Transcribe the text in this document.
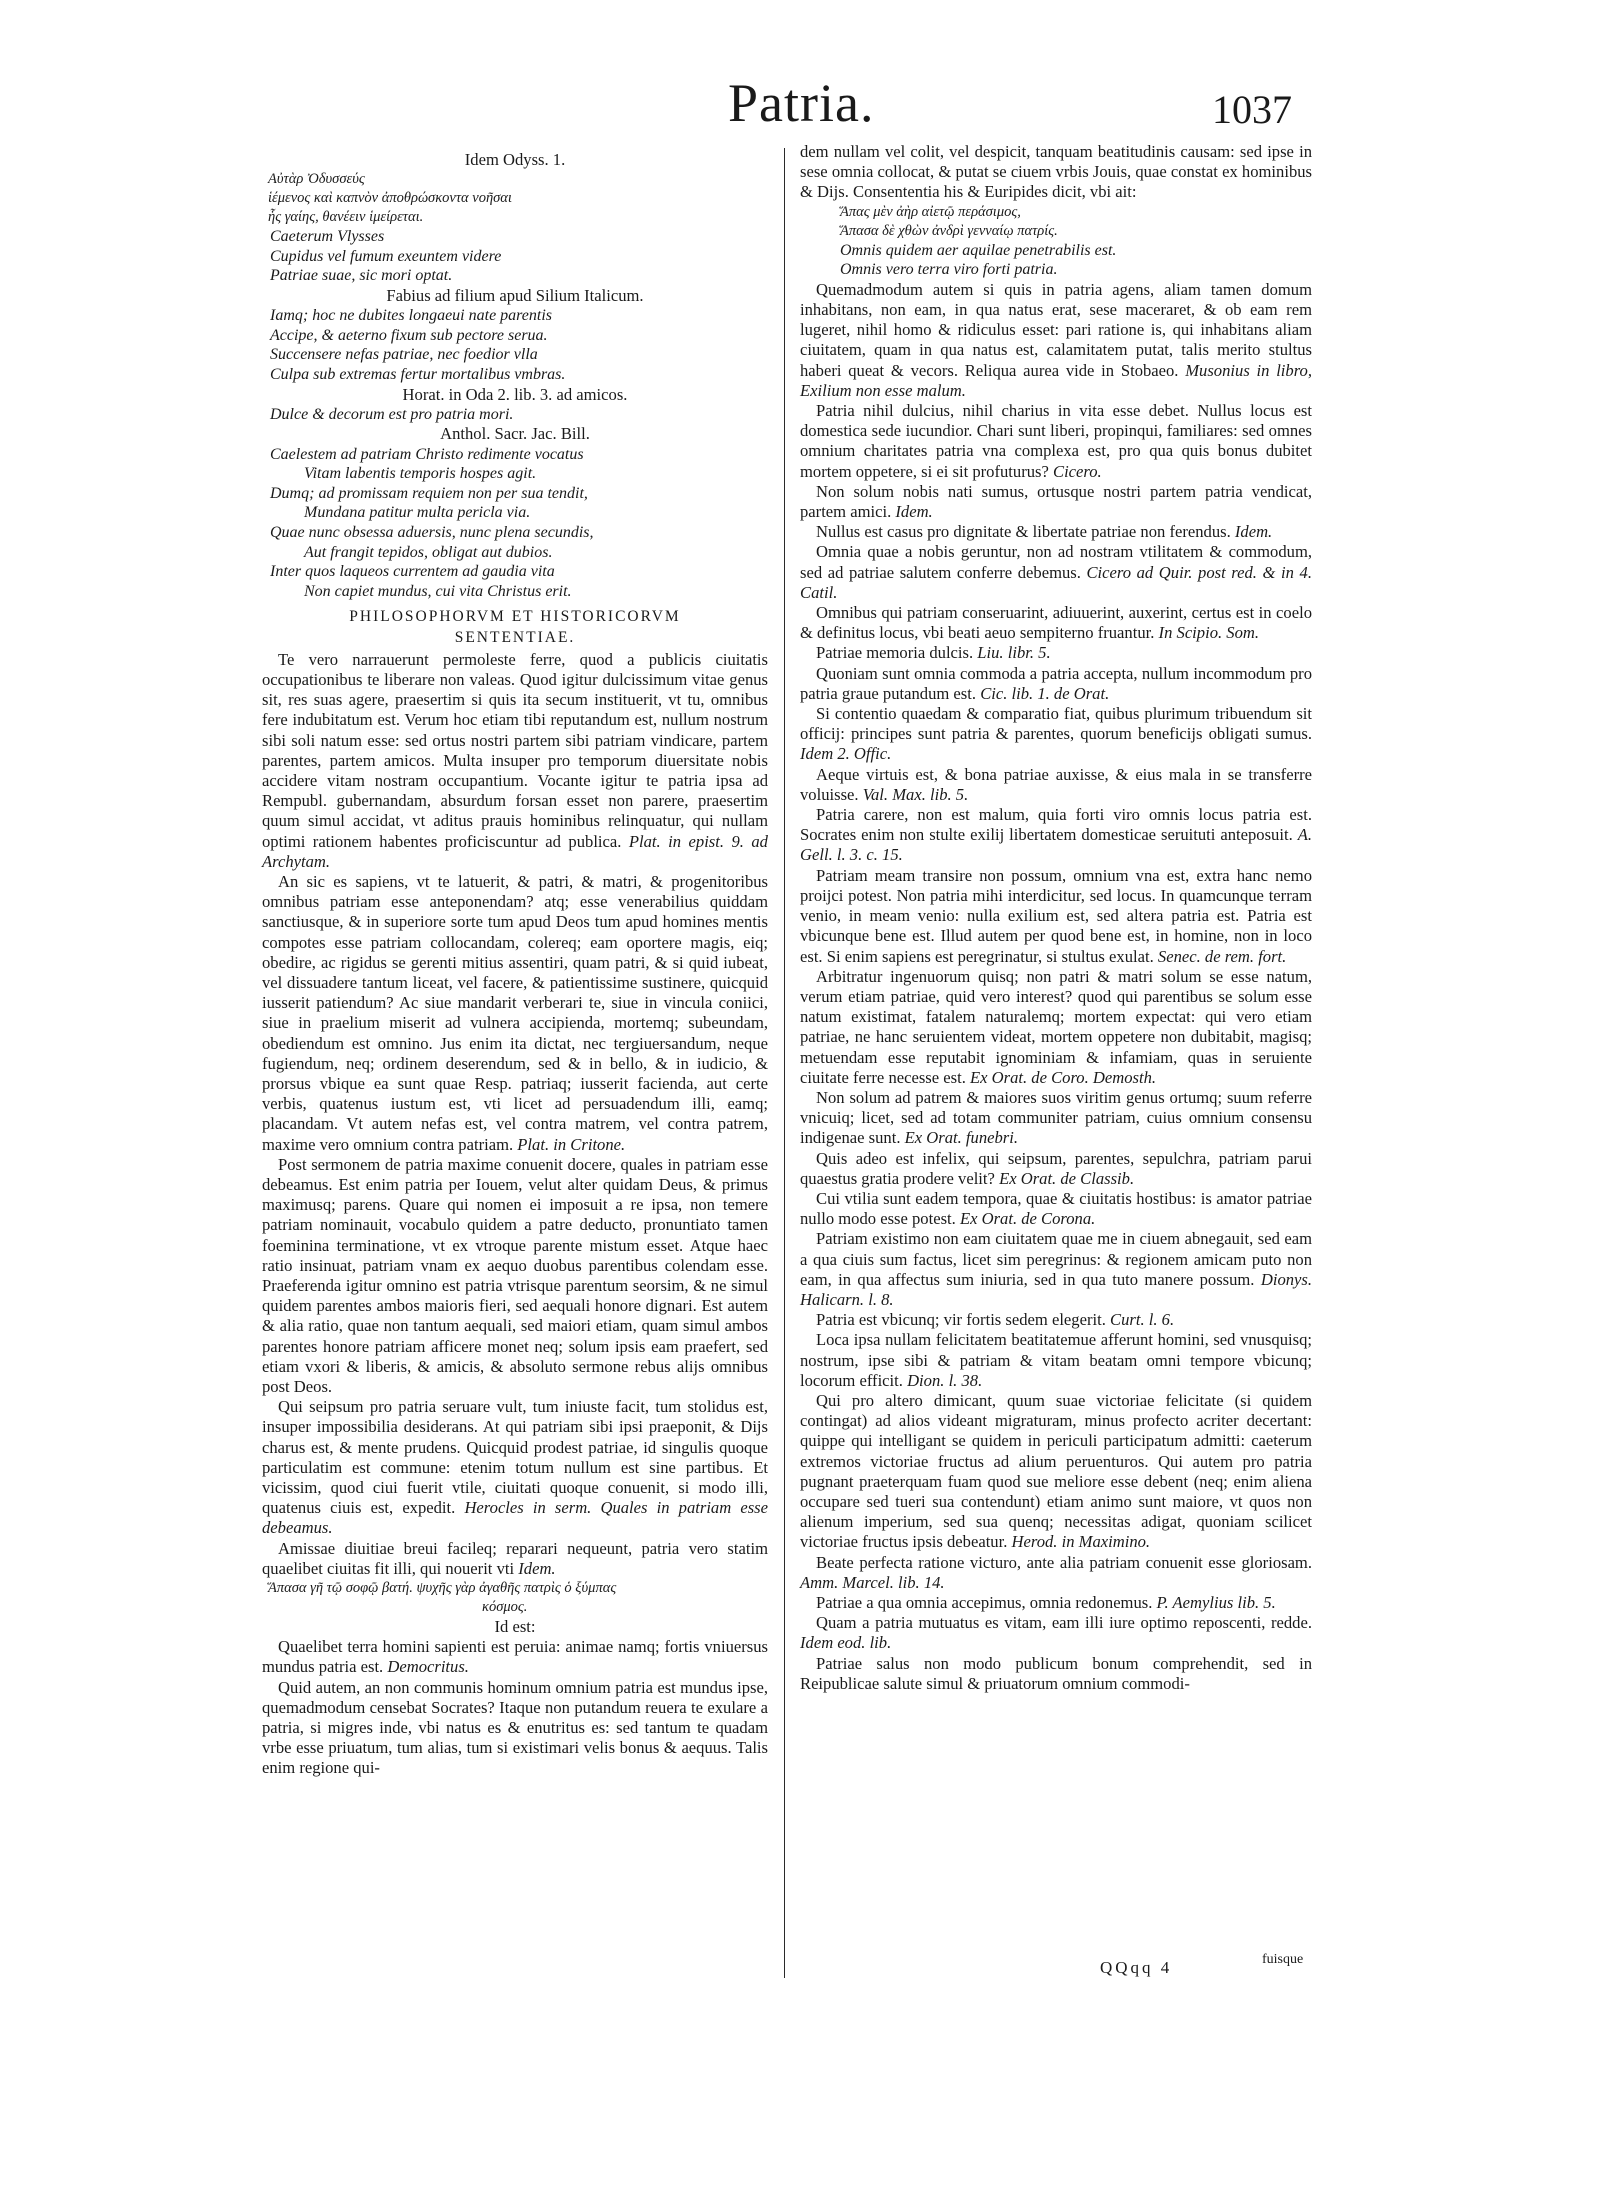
Patria.	1037

Idem Odyss. 1.

Αὐτὰρ Ὀδυσσεύς

ἱέμενος καὶ καπνὸν ἀποθρώσκοντα νοῆσαι

ἧς γαίης, θανέειν ἱμείρεται.

Caeterum Vlysses

Cupidus vel fumum exeuntem videre

Patriae suae, sic mori optat.

Fabius ad filium apud Silium Italicum.

Iamq; hoc ne dubites longaeui nate parentis

Accipe, & aeterno fixum sub pectore serua.

Succensere nefas patriae, nec foedior vlla

Culpa sub extremas fertur mortalibus vmbras.

Horat. in Oda 2. lib. 3. ad amicos.

Dulce & decorum est pro patria mori.

Anthol. Sacr. Jac. Bill.

Caelestem ad patriam Christo redimente vocatus

Vitam labentis temporis hospes agit.

Dumq; ad promissam requiem non per sua tendit,

Mundana patitur multa pericla via.

Quae nunc obsessa aduersis, nunc plena secundis,

Aut frangit tepidos, obligat aut dubios.

Inter quos laqueos currentem ad gaudia vita

Non capiet mundus, cui vita Christus erit.

PHILOSOPHORVM ET HISTORICORVM
SENTENTIAE.

Te vero narrauerunt permoleste ferre, quod a publicis ciuitatis occupationibus te liberare non valeas. Quod igitur dulcissimum vitae genus sit, res suas agere, praesertim si quis ita secum instituerit, vt tu, omnibus fere indubitatum est. Verum hoc etiam tibi reputandum est, nullum nostrum sibi soli natum esse: sed ortus nostri partem sibi patriam vindicare, partem parentes, partem amicos. Multa insuper pro temporum diuersitate nobis accidere vitam nostram occupantium. Vocante igitur te patria ipsa ad Rempubl. gubernandam, absurdum forsan esset non parere, praesertim quum simul accidat, vt aditus prauis hominibus relinquatur, qui nullam optimi rationem habentes proficiscuntur ad publica. Plat. in epist. 9. ad Archytam.

An sic es sapiens, vt te latuerit, & patri, & matri, & progenitoribus omnibus patriam esse anteponendam? atq; esse venerabilius quiddam sanctiusque, & in superiore sorte tum apud Deos tum apud homines mentis compotes esse patriam collocandam, colereq; eam oportere magis, eiq; obedire, ac rigidus se gerenti mitius assentiri, quam patri, & si quid iubeat, vel dissuadere tantum liceat, vel facere, & patientissime sustinere, quicquid iusserit patiendum? Ac siue mandarit verberari te, siue in vincula coniici, siue in praelium miserit ad vulnera accipienda, mortemq; subeundam, obediendum est omnino. Jus enim ita dictat, nec tergiuersandum, neque fugiendum, neq; ordinem deserendum, sed & in bello, & in iudicio, & prorsus vbique ea sunt quae Resp. patriaq; iusserit facienda, aut certe verbis, quatenus iustum est, vti licet ad persuadendum illi, eamq; placandam. Vt autem nefas est, vel contra matrem, vel contra patrem, maxime vero omnium contra patriam. Plat. in Critone.

Post sermonem de patria maxime conuenit docere, quales in patriam esse debeamus. Est enim patria per Iouem, velut alter quidam Deus, & primus maximusq; parens. Quare qui nomen ei imposuit a re ipsa, non temere patriam nominauit, vocabulo quidem a patre deducto, pronuntiato tamen foeminina terminatione, vt ex vtroque parente mistum esset. Atque haec ratio insinuat, patriam vnam ex aequo duobus parentibus colendam esse. Praeferenda igitur omnino est patria vtrisque parentum seorsim, & ne simul quidem parentes ambos maioris fieri, sed aequali honore dignari. Est autem & alia ratio, quae non tantum aequali, sed maiori etiam, quam simul ambos parentes honore patriam afficere monet neq; solum ipsis eam praefert, sed etiam vxori & liberis, & amicis, & absoluto sermone rebus alijs omnibus post Deos.

Qui seipsum pro patria seruare vult, tum iniuste facit, tum stolidus est, insuper impossibilia desiderans. At qui patriam sibi ipsi praeponit, & Dijs charus est, & mente prudens. Quicquid prodest patriae, id singulis quoque particulatim est commune: etenim totum nullum est sine partibus. Et vicissim, quod ciui fuerit vtile, ciuitati quoque conuenit, si modo illi, quatenus ciuis est, expedit. Herocles in serm. Quales in patriam esse debeamus.

Amissae diuitiae breui facileq; reparari nequeunt, patria vero statim quaelibet ciuitas fit illi, qui nouerit vti Idem.

Ἅπασα γῆ τῷ σοφῷ βατή. ψυχῆς γὰρ ἀγαθῆς πατρὶς ὁ ξύμπας

κόσμος.

Id est:

Quaelibet terra homini sapienti est peruia: animae namq; fortis vniuersus mundus patria est. Democritus.

Quid autem, an non communis hominum omnium patria est mundus ipse, quemadmodum censebat Socrates? Itaque non putandum reuera te exulare a patria, si migres inde, vbi natus es & enutritus es: sed tantum te quadam vrbe esse priuatum, tum alias, tum si existimari velis bonus & aequus. Talis enim regione qui-

dem nullam vel colit, vel despicit, tanquam beatitudinis causam: sed ipse in sese omnia collocat, & putat se ciuem vrbis Jouis, quae constat ex hominibus & Dijs. Consententia his & Euripides dicit, vbi ait:

Ἅπας μὲν ἀὴρ αἰετῷ περάσιμος,

Ἅπασα δὲ χθὼν ἀνδρὶ γενναίῳ πατρίς.

Omnis quidem aer aquilae penetrabilis est.

Omnis vero terra viro forti patria.

Quemadmodum autem si quis in patria agens, aliam tamen domum inhabitans, non eam, in qua natus erat, sese maceraret, & ob eam rem lugeret, nihil homo & ridiculus esset: pari ratione is, qui inhabitans aliam ciuitatem, quam in qua natus est, calamitatem putat, talis merito stultus haberi queat & vecors. Reliqua aurea vide in Stobaeo. Musonius in libro, Exilium non esse malum.

Patria nihil dulcius, nihil charius in vita esse debet. Nullus locus est domestica sede iucundior. Chari sunt liberi, propinqui, familiares: sed omnes omnium charitates patria vna complexa est, pro qua quis bonus dubitet mortem oppetere, si ei sit profuturus? Cicero.

Non solum nobis nati sumus, ortusque nostri partem patria vendicat, partem amici. Idem.

Nullus est casus pro dignitate & libertate patriae non ferendus. Idem.

Omnia quae a nobis geruntur, non ad nostram vtilitatem & commodum, sed ad patriae salutem conferre debemus. Cicero ad Quir. post red. & in 4. Catil.

Omnibus qui patriam conseruarint, adiuuerint, auxerint, certus est in coelo & definitus locus, vbi beati aeuo sempiterno fruantur. In Scipio. Som.

Patriae memoria dulcis. Liu. libr. 5.

Quoniam sunt omnia commoda a patria accepta, nullum incommodum pro patria graue putandum est. Cic. lib. 1. de Orat.

Si contentio quaedam & comparatio fiat, quibus plurimum tribuendum sit officij: principes sunt patria & parentes, quorum beneficijs obligati sumus. Idem 2. Offic.

Aeque virtuis est, & bona patriae auxisse, & eius mala in se transferre voluisse. Val. Max. lib. 5.

Patria carere, non est malum, quia forti viro omnis locus patria est. Socrates enim non stulte exilij libertatem domesticae seruituti anteposuit. A. Gell. l. 3. c. 15.

Patriam meam transire non possum, omnium vna est, extra hanc nemo proijci potest. Non patria mihi interdicitur, sed locus. In quamcunque terram venio, in meam venio: nulla exilium est, sed altera patria est. Patria est vbicunque bene est. Illud autem per quod bene est, in homine, non in loco est. Si enim sapiens est peregrinatur, si stultus exulat. Senec. de rem. fort.

Arbitratur ingenuorum quisq; non patri & matri solum se esse natum, verum etiam patriae, quid vero interest? quod qui parentibus se solum esse natum existimat, fatalem naturalemq; mortem expectat: qui vero etiam patriae, ne hanc seruientem videat, mortem oppetere non dubitabit, magisq; metuendam esse reputabit ignominiam & infamiam, quas in seruiente ciuitate ferre necesse est. Ex Orat. de Coro. Demosth.

Non solum ad patrem & maiores suos viritim genus ortumq; suum referre vnicuiq; licet, sed ad totam communiter patriam, cuius omnium consensu indigenae sunt. Ex Orat. funebri.

Quis adeo est infelix, qui seipsum, parentes, sepulchra, patriam parui quaestus gratia prodere velit? Ex Orat. de Classib.

Cui vtilia sunt eadem tempora, quae & ciuitatis hostibus: is amator patriae nullo modo esse potest. Ex Orat. de Corona.

Patriam existimo non eam ciuitatem quae me in ciuem abnegauit, sed eam a qua ciuis sum factus, licet sim peregrinus: & regionem amicam puto non eam, in qua affectus sum iniuria, sed in qua tuto manere possum. Dionys. Halicarn. l. 8.

Patria est vbicunq; vir fortis sedem elegerit. Curt. l. 6.

Loca ipsa nullam felicitatem beatitatemue afferunt homini, sed vnusquisq; nostrum, ipse sibi & patriam & vitam beatam omni tempore vbicunq; locorum efficit. Dion. l. 38.

Qui pro altero dimicant, quum suae victoriae felicitate (si quidem contingat) ad alios videant migraturam, minus profecto acriter decertant: quippe qui intelligant se quidem in periculi participatum admitti: caeterum extremos victoriae fructus ad alium peruenturos. Qui autem pro patria pugnant praeterquam fuam quod sue meliore esse debent (neq; enim aliena occupare sed tueri sua contendunt) etiam animo sunt maiore, vt quos non alienum imperium, sed sua quenq; necessitas adigat, quoniam scilicet victoriae fructus ipsis debeatur. Herod. in Maximino.

Beate perfecta ratione victuro, ante alia patriam conuenit esse gloriosam. Amm. Marcel. lib. 14.

Patriae a qua omnia accepimus, omnia redonemus. P. Aemylius lib. 5.

Quam a patria mutuatus es vitam, eam illi iure optimo reposcenti, redde. Idem eod. lib.

Patriae salus non modo publicum bonum comprehendit, sed in Reipublicae salute simul & priuatorum omnium commodi-

QQqq 4	fuisque
